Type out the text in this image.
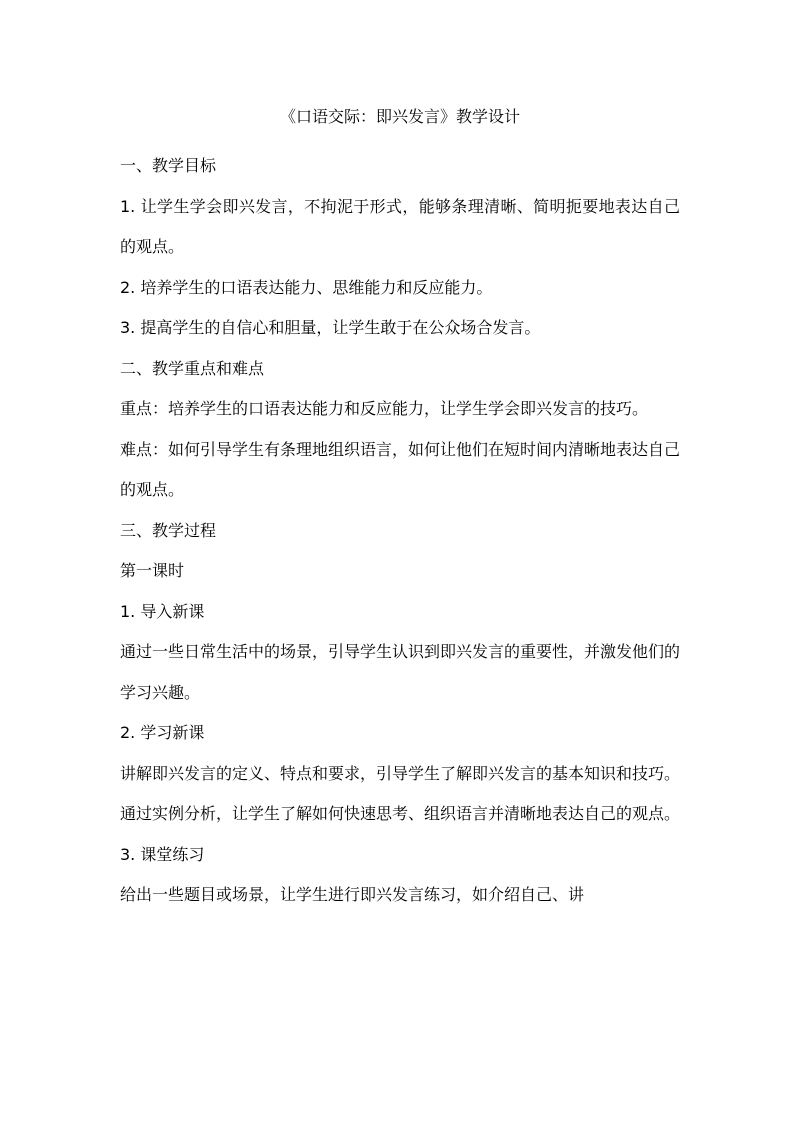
《口语交际：即兴发言》教学设计

一、教学目标

1. 让学生学会即兴发言，不拘泥于形式，能够条理清晰、简明扼要地表达自己的观点。

2. 培养学生的口语表达能力、思维能力和反应能力。

3. 提高学生的自信心和胆量，让学生敢于在公众场合发言。

二、教学重点和难点

重点：培养学生的口语表达能力和反应能力，让学生学会即兴发言的技巧。

难点：如何引导学生有条理地组织语言，如何让他们在短时间内清晰地表达自己的观点。

三、教学过程

第一课时

1. 导入新课

通过一些日常生活中的场景，引导学生认识到即兴发言的重要性，并激发他们的学习兴趣。

2. 学习新课

讲解即兴发言的定义、特点和要求，引导学生了解即兴发言的基本知识和技巧。通过实例分析，让学生了解如何快速思考、组织语言并清晰地表达自己的观点。

3. 课堂练习

给出一些题目或场景，让学生进行即兴发言练习，如介绍自己、讲
